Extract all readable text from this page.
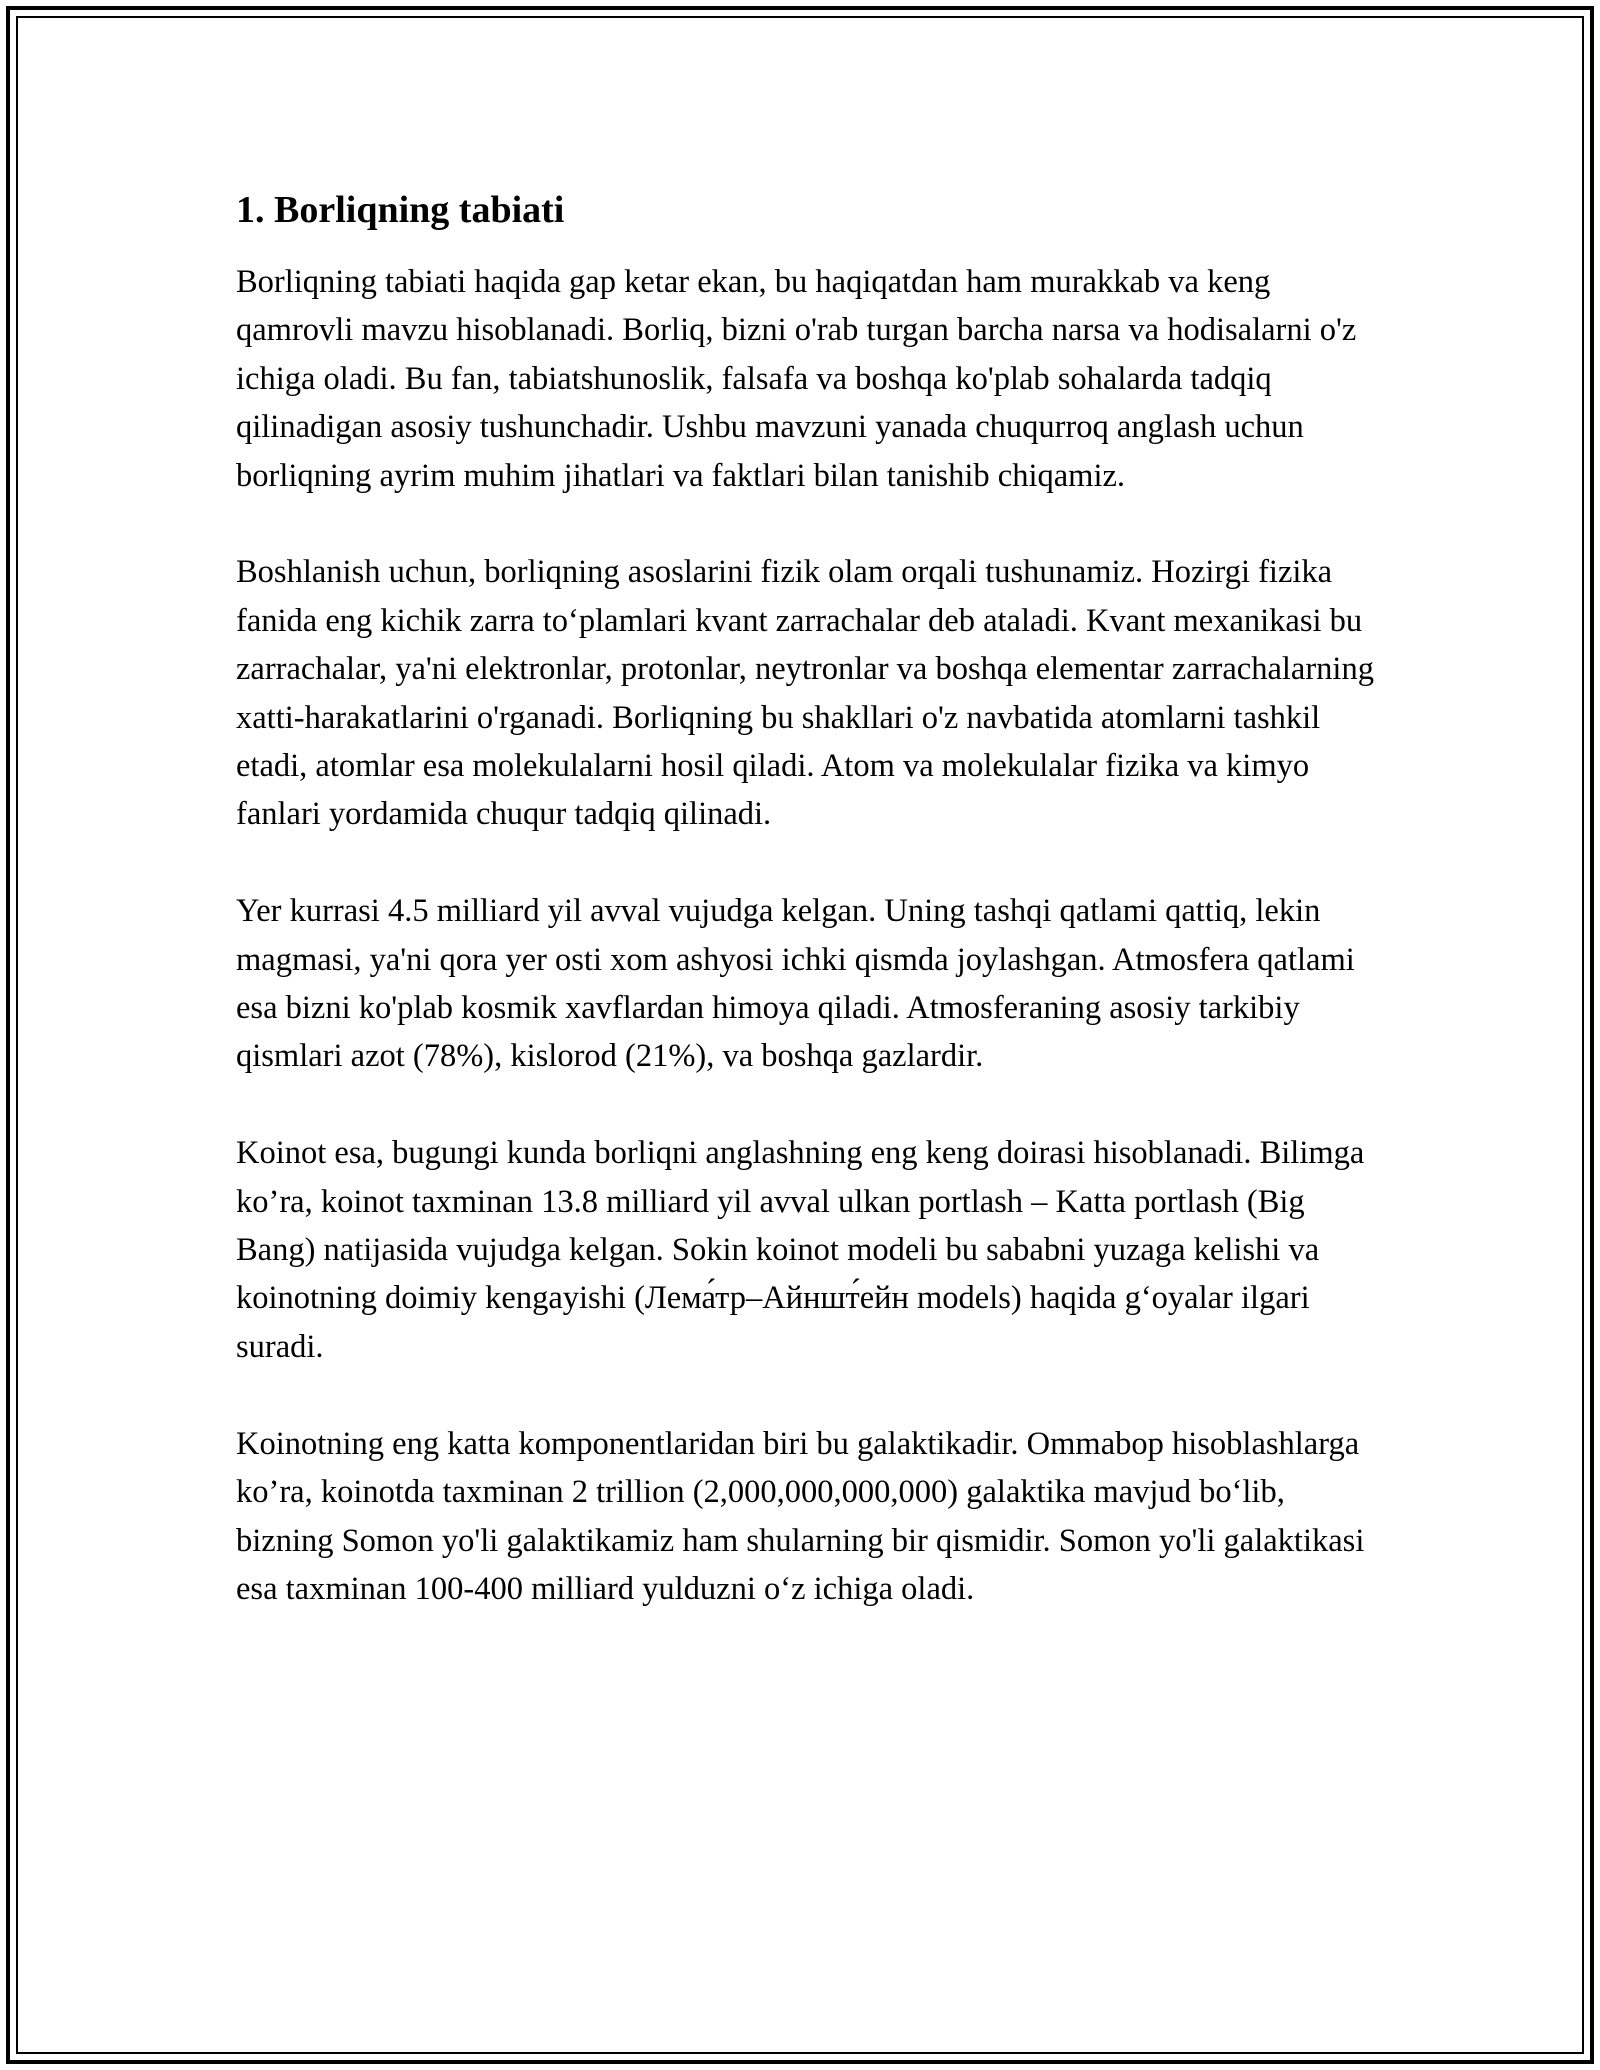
1. Borliqning tabiati

Borliqning tabiati haqida gap ketar ekan, bu haqiqatdan ham murakkab va keng qamrovli mavzu hisoblanadi. Borliq, bizni o'rab turgan barcha narsa va hodisalarni o'z ichiga oladi. Bu fan, tabiatshunoslik, falsafa va boshqa ko'plab sohalarda tadqiq qilinadigan asosiy tushunchadir. Ushbu mavzuni yanada chuqurroq anglash uchun borliqning ayrim muhim jihatlari va faktlari bilan tanishib chiqamiz.

Boshlanish uchun, borliqning asoslarini fizik olam orqali tushunamiz. Hozirgi fizika fanida eng kichik zarra to‘plamlari kvant zarrachalar deb ataladi. Kvant mexanikasi bu zarrachalar, ya'ni elektronlar, protonlar, neytronlar va boshqa elementar zarrachalarning xatti-harakatlarini o'rganadi. Borliqning bu shakllari o'z navbatida atomlarni tashkil etadi, atomlar esa molekulalarni hosil qiladi. Atom va molekulalar fizika va kimyo fanlari yordamida chuqur tadqiq qilinadi.

Yer kurrasi 4.5 milliard yil avval vujudga kelgan. Uning tashqi qatlami qattiq, lekin magmasi, ya'ni qora yer osti xom ashyosi ichki qismda joylashgan. Atmosfera qatlami esa bizni ko'plab kosmik xavflardan himoya qiladi. Atmosferaning asosiy tarkibiy qismlari azot (78%), kislorod (21%), va boshqa gazlardir.

Koinot esa, bugungi kunda borliqni anglashning eng keng doirasi hisoblanadi. Bilimga ko’ra, koinot taxminan 13.8 milliard yil avval ulkan portlash – Katta portlash (Big Bang) natijasida vujudga kelgan. Sokin koinot modeli bu sababni yuzaga kelishi va koinotning doimiy kengayishi (Лема́тр–Айншт́ейн models) haqida g‘oyalar ilgari suradi.

Koinotning eng katta komponentlaridan biri bu galaktikadir. Ommabop hisoblashlarga ko’ra, koinotda taxminan 2 trillion (2,000,000,000,000) galaktika mavjud bo‘lib, bizning Somon yo'li galaktikamiz ham shularning bir qismidir. Somon yo'li galaktikasi esa taxminan 100-400 milliard yulduzni o‘z ichiga oladi.
